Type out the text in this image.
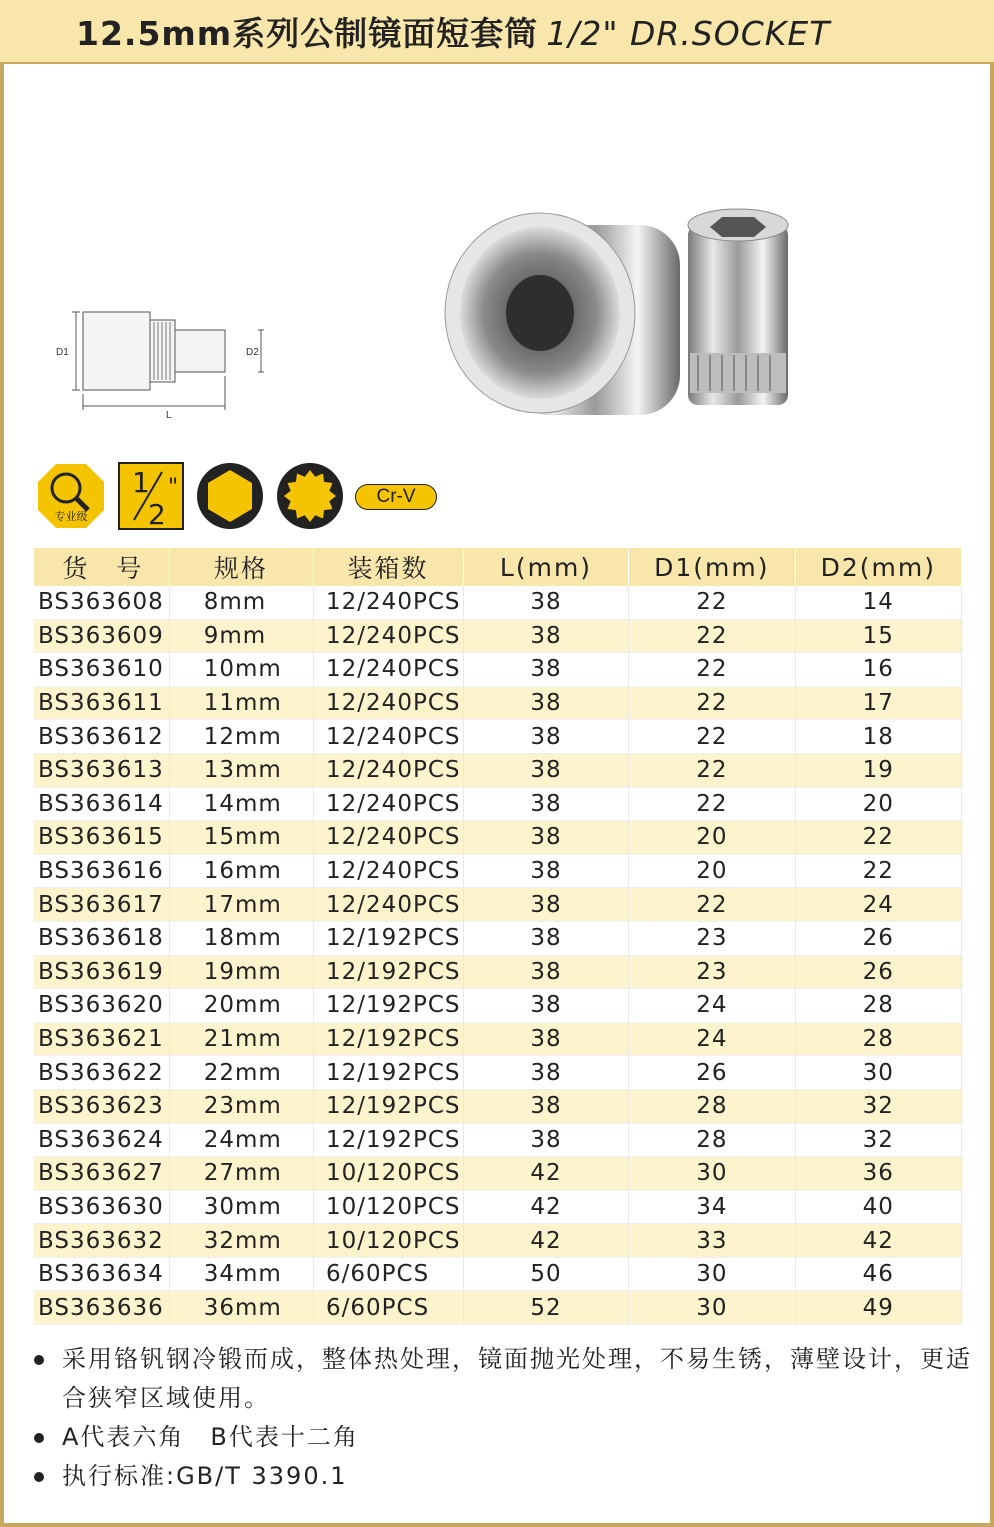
12.5mm系列公制镜面短套筒 1/2" DR.SOCKET
D1	D2
L
专业级
1
2
"	Cr-V
货　号	规格	装箱数	L(mm)	D1(mm)	D2(mm)
BS363608	8mm	12/240PCS	38	22	14
BS363609	9mm	12/240PCS	38	22	15
BS363610	10mm	12/240PCS	38	22	16
BS363611	11mm	12/240PCS	38	22	17
BS363612	12mm	12/240PCS	38	22	18
BS363613	13mm	12/240PCS	38	22	19
BS363614	14mm	12/240PCS	38	22	20
BS363615	15mm	12/240PCS	38	20	22
BS363616	16mm	12/240PCS	38	20	22
BS363617	17mm	12/240PCS	38	22	24
BS363618	18mm	12/192PCS	38	23	26
BS363619	19mm	12/192PCS	38	23	26
BS363620	20mm	12/192PCS	38	24	28
BS363621	21mm	12/192PCS	38	24	28
BS363622	22mm	12/192PCS	38	26	30
BS363623	23mm	12/192PCS	38	28	32
BS363624	24mm	12/192PCS	38	28	32
BS363627	27mm	10/120PCS	42	30	36
BS363630	30mm	10/120PCS	42	34	40
BS363632	32mm	10/120PCS	42	33	42
BS363634	34mm	6/60PCS	50	30	46
BS363636	36mm	6/60PCS	52	30	49
采用铬钒钢冷锻而成，整体热处理，镜面抛光处理，不易生锈，薄壁设计，更适合狭窄区域使用。
A代表六角　B代表十二角
执行标准:GB/T 3390.1
